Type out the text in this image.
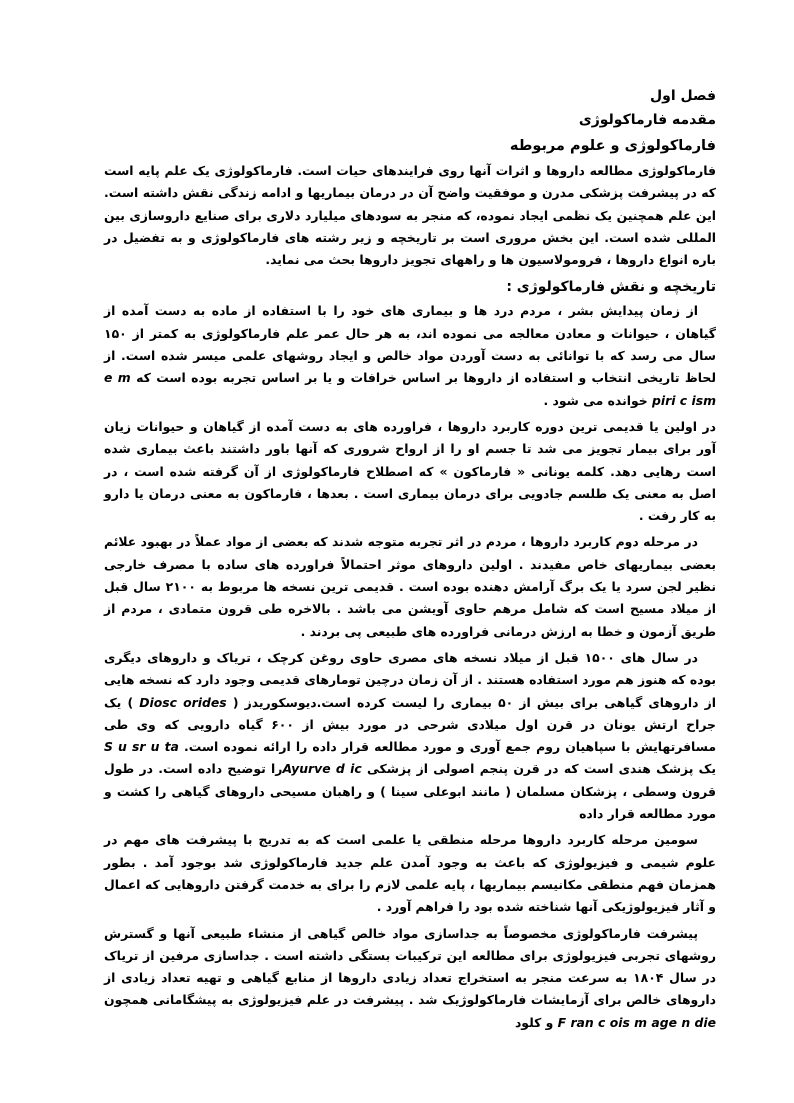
فصل اول
مقدمه فارماکولوژی
فارماکولوژی و علوم مربوطه

فارماکولوژی مطالعه داروها و اثرات آنها روی فرایندهای حیات است. فارماکولوژی یک علم پایه است که در پیشرفت پزشکی مدرن و موفقیت واضح آن در درمان بیماریها و ادامه زندگی نقش داشته است. این علم همچنین یک نظمی ایجاد نموده، که منجر به سودهای میلیارد دلاری برای صنایع داروسازی بین المللی شده است. این بخش مروری است بر تاریخچه و زیر رشته های فارماکولوژی و به تفضیل در باره انواع داروها ، فروموﻻسیون ها و راههای تجویز داروها بحث می نماید.

تاریخچه و نقش فارماکولوژی :

از زمان پیدایش بشر ، مردم درد ها و بیماری های خود را با استفاده از ماده به دست آمده از گیاهان ، حیوانات و معادن معالجه می نموده اند، به هر حال عمر علم فارماکولوژی به کمتر از ۱۵۰ سال می رسد که با توانائی به دست آوردن مواد خالص و ایجاد روشهای علمی میسر شده است. از لحاظ تاریخی انتخاب و استفاده از داروها بر اساس خرافات و یا بر اساس تجربه بوده است که e m piri c ism خوانده می شود .

در اولین یا قدیمی ترین دوره کاربرد داروها ، فراورده های به دست آمده از گیاهان و حیوانات زیان آور برای بیمار تجویز می شد تا جسم او را از ارواح شروری که آنها باور داشتند باعث بیماری شده است رهایی دهد. کلمه یونانی « فارماکون » که اصطلاح فارماکولوژی از آن گرفته شده است ، در اصل به معنی یک طلسم جادویی برای درمان بیماری است . بعدها ، فارماکون به معنی درمان یا دارو به کار رفت .

در مرحله دوم کاربرد داروها ، مردم در اثر تجربه متوجه شدند که بعضی از مواد عملاً در بهبود علائم بعضی بیماریهای خاص مفیدند . اولین داروهای موثر احتماﻻً فراورده های ساده با مصرف خارجی نظیر لجن سرد یا یک برگ آرامش دهنده بوده است . قدیمی ترین نسخه ها مربوط به ۲۱۰۰ سال قبل از میلاد مسیح است که شامل مرهم حاوی آویشن می باشد . باﻻخره طی قرون متمادی ، مردم از طریق آزمون و خطا به ارزش درمانی فراورده های طبیعی پی بردند .

در سال های ۱۵۰۰ قبل از میلاد نسخه های مصری حاوی روغن کرچک ، تریاک و داروهای دیگری بوده که هنوز هم مورد استفاده هستند . از آن زمان درچین تومارهای قدیمی وجود دارد که نسخه هایی از داروهای گیاهی برای بیش از ۵۰ بیماری را لیست کرده است.دیوسکوریدز ( Diosc orides ) یک جراح ارتش یونان در قرن اول میلادی شرحی در مورد بیش از ۶۰۰ گیاه دارویی که وی طی مسافرتهایش با سپاهیان روم جمع آوری و مورد مطالعه قرار داده را ارائه نموده است. S u sr u ta یک پزشک هندی است که در قرن پنجم اصولی از پزشکی Ayurve d icرا توضیح داده است. در طول قرون وسطی ، پزشکان مسلمان ( مانند ابوعلی سینا ) و راهبان مسیحی داروهای گیاهی را کشت و مورد مطالعه قرار داده

سومین مرحله کاربرد داروها مرحله منطقی یا علمی است که به تدریج با پیشرفت های مهم در علوم شیمی و فیزیولوژی که باعث به وجود آمدن علم جدید فارماکولوژی شد بوجود آمد . بطور همزمان فهم منطقی مکانیسم بیماریها ، پایه علمی ﻻزم را برای به خدمت گرفتن داروهایی که اعمال و آثار فیزیولوژیکی آنها شناخته شده بود را فراهم آورد .

پیشرفت فارماکولوژی مخصوصاً به جداسازی مواد خالص گیاهی از منشاء طبیعی آنها و گسترش روشهای تجربی فیزیولوژی برای مطالعه این ترکیبات بستگی داشته است . جداسازی مرفین از تریاک در سال ۱۸۰۴ به سرعت منجر به استخراج تعداد زیادی داروها از منابع گیاهی و تهیه تعداد زیادی از داروهای خالص برای آزمایشات فارماکولوژیک شد . پیشرفت در علم فیزیولوژی به پیشگامانی همچون F ran c ois m age n die و کلود
